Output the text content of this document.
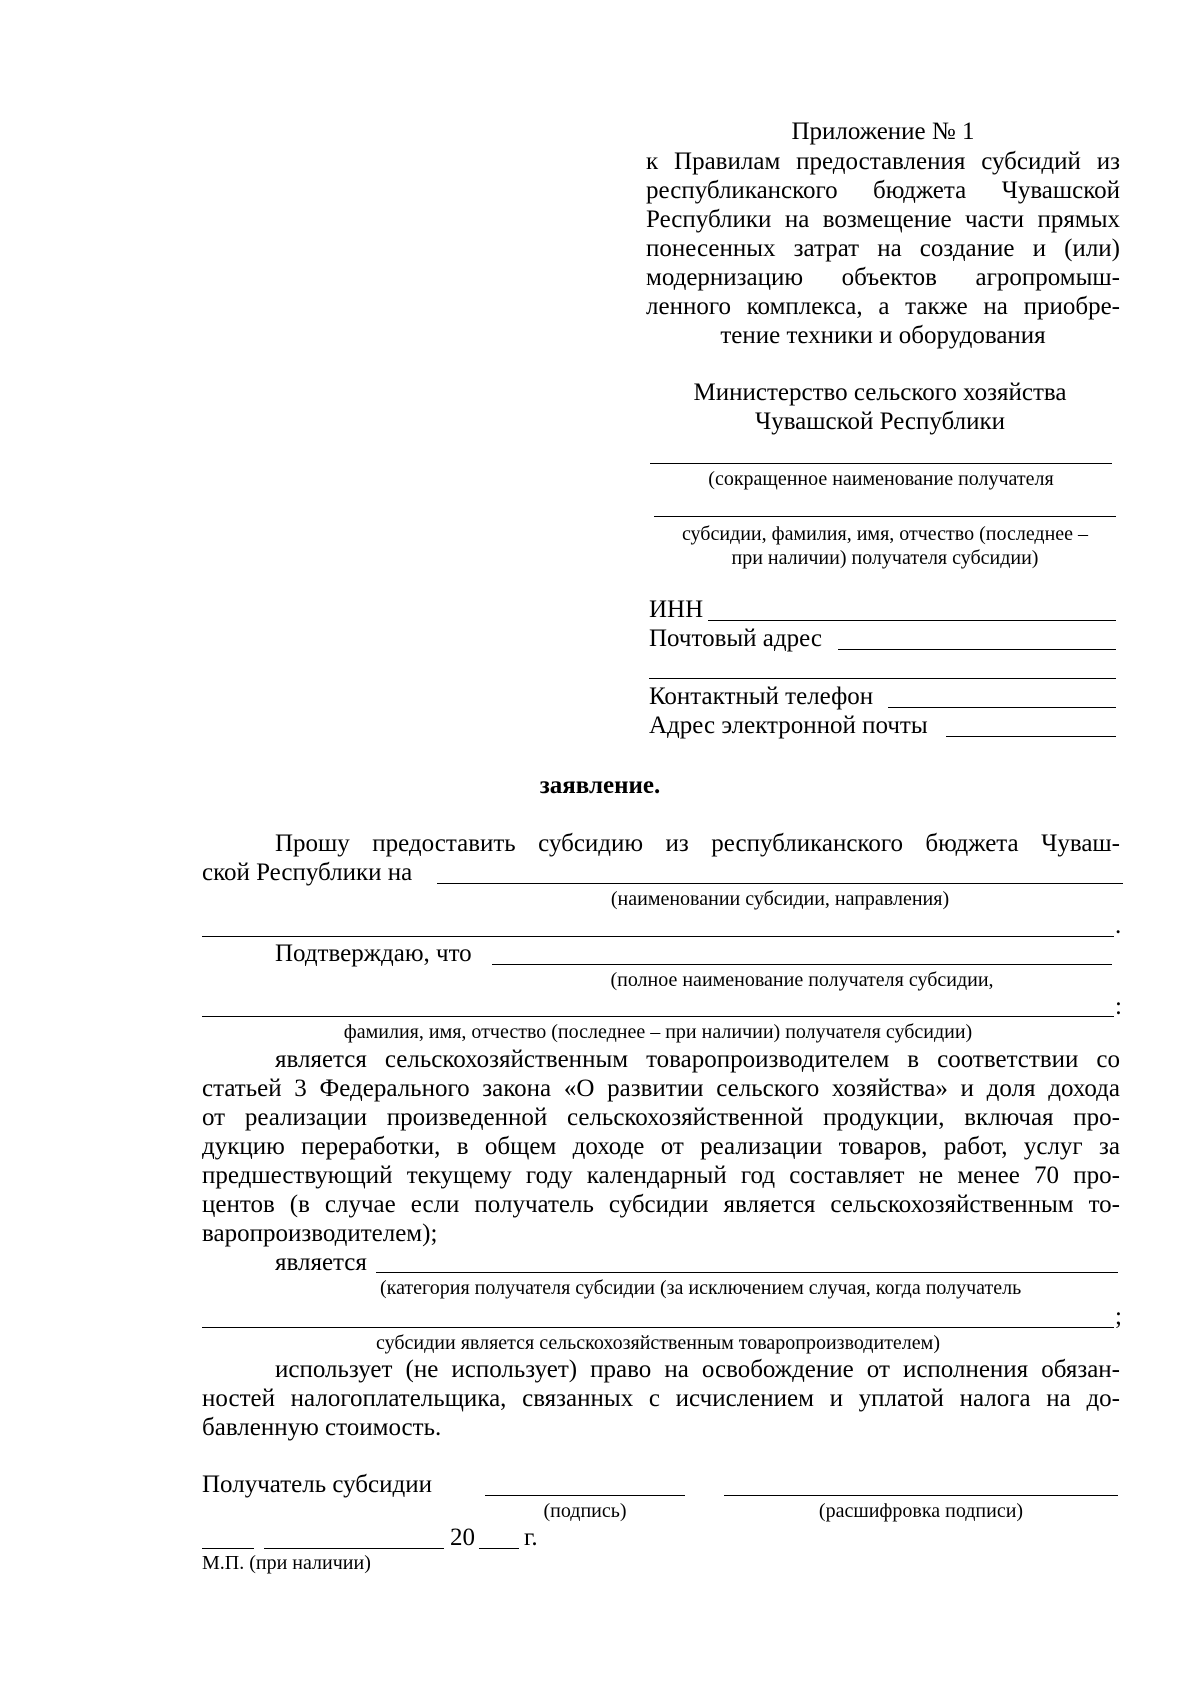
Приложение № 1
к Правилам предоставления субсидий из
республиканского бюджета Чувашской
Республики на возмещение части прямых
понесенных затрат на создание и (или)
модернизацию объектов агропромыш-
ленного комплекса, а также на приобре-
тение техники и оборудования
Министерство сельского хозяйства
Чувашской Республики
(сокращенное наименование получателя
субсидии, фамилия, имя, отчество (последнее –
при наличии) получателя субсидии)
ИНН
Почтовый адрес
Контактный телефон
Адрес электронной почты
заявление.
Прошу предоставить субсидию из республиканского бюджета Чуваш-
ской Республики на
(наименовании субсидии, направления)
.
Подтверждаю, что
(полное наименование получателя субсидии,
:
фамилия, имя, отчество (последнее – при наличии) получателя субсидии)
является сельскохозяйственным товаропроизводителем в соответствии со
статьей 3 Федерального закона «О развитии сельского хозяйства» и доля дохода
от реализации произведенной сельскохозяйственной продукции, включая про-
дукцию переработки, в общем доходе от реализации товаров, работ, услуг за
предшествующий текущему году календарный год составляет не менее 70 про-
центов (в случае если получатель субсидии является сельскохозяйственным то-
варопроизводителем);
является
(категория получателя субсидии (за исключением случая, когда получатель
;
субсидии является сельскохозяйственным товаропроизводителем)
использует (не использует) право на освобождение от исполнения обязан-
ностей налогоплательщика, связанных с исчислением и уплатой налога на до-
бавленную стоимость.
Получатель субсидии
(подпись)	(расшифровка подписи)
20 г.
М.П. (при наличии)
